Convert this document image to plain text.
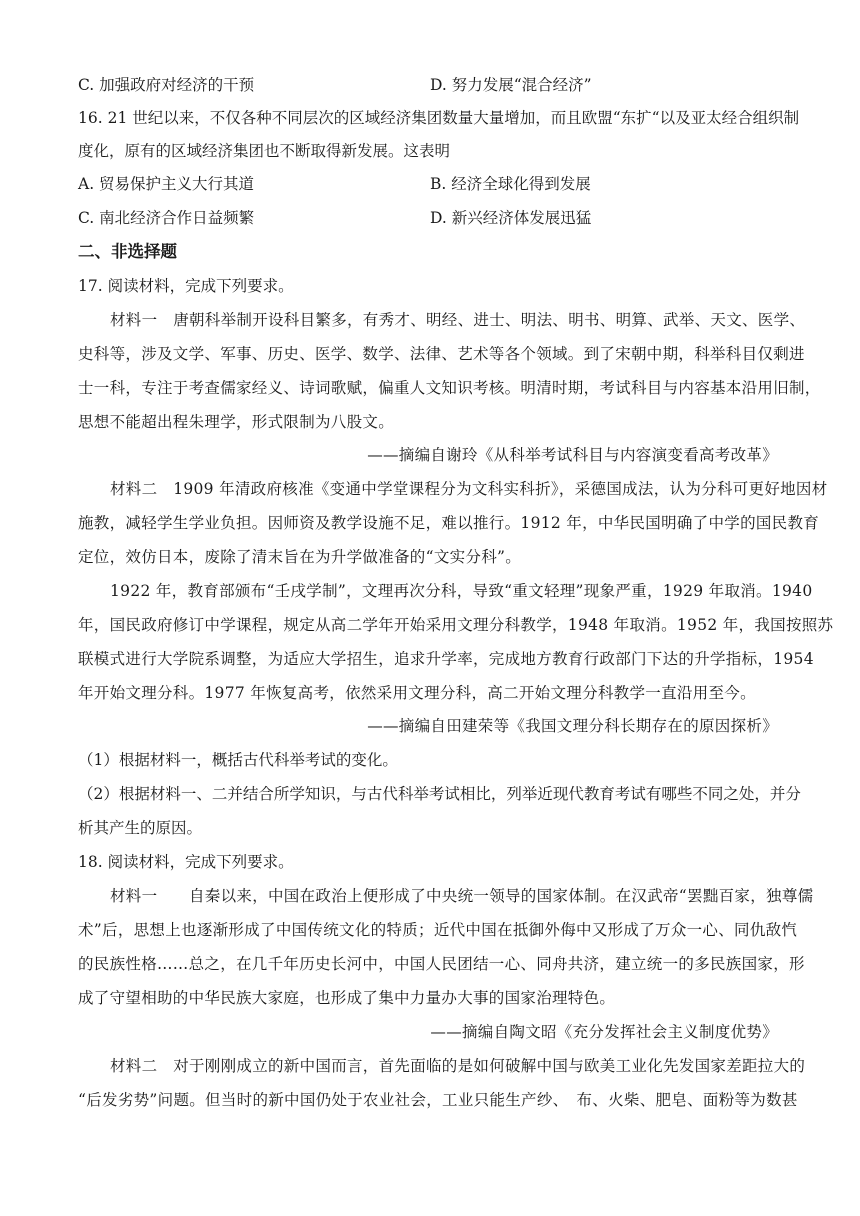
C. 加强政府对经济的干预	D. 努力发展“混合经济”
16. 21 世纪以来，不仅各种不同层次的区域经济集团数量大量增加，而且欧盟“东扩“以及亚太经合组织制
度化，原有的区域经济集团也不断取得新发展。这表明
A. 贸易保护主义大行其道	B. 经济全球化得到发展
C. 南北经济合作日益频繁	D. 新兴经济体发展迅猛
二、非选择题
17. 阅读材料，完成下列要求。
材料一　唐朝科举制开设科目繁多，有秀才、明经、进士、明法、明书、明算、武举、天文、医学、
史科等，涉及文学、军事、历史、医学、数学、法律、艺术等各个领域。到了宋朝中期，科举科目仅剩进
士一科，专注于考查儒家经义、诗词歌赋，偏重人文知识考核。明清时期，考试科目与内容基本沿用旧制，
思想不能超出程朱理学，形式限制为八股文。
——摘编自谢玲《从科举考试科目与内容演变看高考改革》
材料二　1909 年清政府核准《变通中学堂课程分为文科实科折》，采德国成法，认为分科可更好地因材
施教，减轻学生学业负担。因师资及教学设施不足，难以推行。1912 年，中华民国明确了中学的国民教育
定位，效仿日本，废除了清末旨在为升学做准备的“文实分科”。
1922 年，教育部颁布“壬戌学制”，文理再次分科，导致“重文轻理”现象严重，1929 年取消。1940
年，国民政府修订中学课程，规定从高二学年开始采用文理分科教学，1948 年取消。1952 年，我国按照苏
联模式进行大学院系调整，为适应大学招生，追求升学率，完成地方教育行政部门下达的升学指标，1954
年开始文理分科。1977 年恢复高考，依然采用文理分科，高二开始文理分科教学一直沿用至今。
——摘编自田建荣等《我国文理分科长期存在的原因探析》
（1）根据材料一，概括古代科举考试的变化。
（2）根据材料一、二并结合所学知识，与古代科举考试相比，列举近现代教育考试有哪些不同之处，并分
析其产生的原因。
18. 阅读材料，完成下列要求。
材料一　　自秦以来，中国在政治上便形成了中央统一领导的国家体制。在汉武帝“罢黜百家，独尊儒
术”后，思想上也逐渐形成了中国传统文化的特质；近代中国在抵御外侮中又形成了万众一心、同仇敌忾
的民族性格……总之，在几千年历史长河中，中国人民团结一心、同舟共济，建立统一的多民族国家，形
成了守望相助的中华民族大家庭，也形成了集中力量办大事的国家治理特色。
——摘编自陶文昭《充分发挥社会主义制度优势》
材料二　对于刚刚成立的新中国而言，首先面临的是如何破解中国与欧美工业化先发国家差距拉大的
“后发劣势”问题。但当时的新中国仍处于农业社会，工业只能生产纱、　布、火柴、肥皂、面粉等为数甚
